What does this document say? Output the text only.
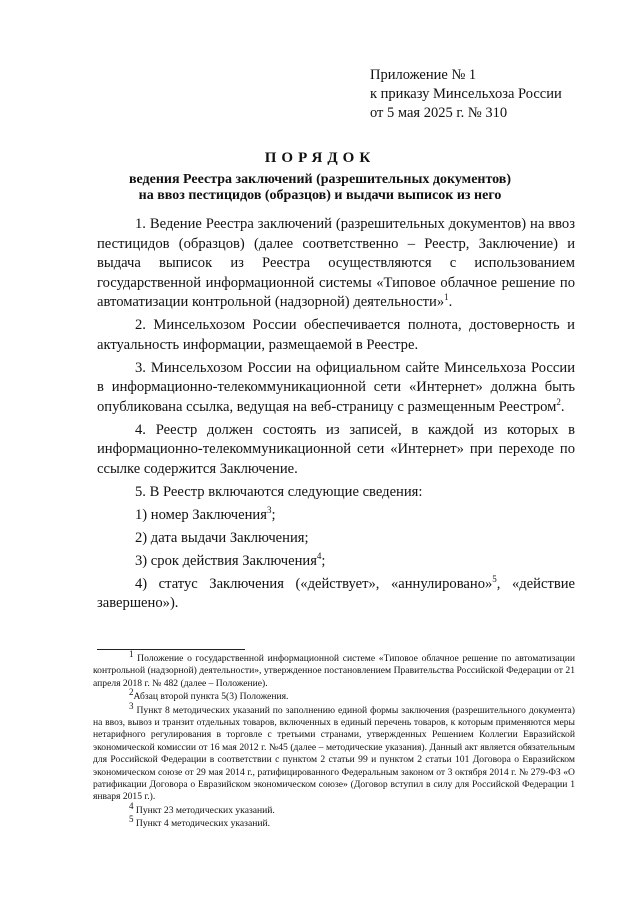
Приложение № 1
к приказу Минсельхоза России
от 5 мая 2025 г. № 310
ПОРЯДОК
ведения Реестра заключений (разрешительных документов)
на ввоз пестицидов (образцов) и выдачи выписок из него

1. Ведение Реестра заключений (разрешительных документов) на ввоз пестицидов (образцов) (далее соответственно – Реестр, Заключение) и выдача выписок из Реестра осуществляются с использованием государственной информационной системы «Типовое облачное решение по автоматизации контрольной (надзорной) деятельности»$^1$.

2. Минсельхозом России обеспечивается полнота, достоверность и актуальность информации, размещаемой в Реестре.

3. Минсельхозом России на официальном сайте Минсельхоза России в информационно-телекоммуникационной сети «Интернет» должна быть опубликована ссылка, ведущая на веб-страницу с размещенным Реестром$^2$.

4. Реестр должен состоять из записей, в каждой из которых в информационно-телекоммуникационной сети «Интернет» при переходе по ссылке содержится Заключение.

5. В Реестр включаются следующие сведения:

1) номер Заключения$^3$;

2) дата выдачи Заключения;

3) срок действия Заключения$^4$;

4) статус Заключения («действует», «аннулировано»$^5$, «действие завершено»).

$^1$ Положение о государственной информационной системе «Типовое облачное решение по автоматизации контрольной (надзорной) деятельности», утвержденное постановлением Правительства Российской Федерации от 21 апреля 2018 г. № 482 (далее – Положение).

$^2$Абзац второй пункта 5(3) Положения.

$^3$ Пункт 8 методических указаний по заполнению единой формы заключения (разрешительного документа) на ввоз, вывоз и транзит отдельных товаров, включенных в единый перечень товаров, к которым применяются меры нетарифного регулирования в торговле с третьими странами, утвержденных Решением Коллегии Евразийской экономической комиссии от 16 мая 2012 г. №45 (далее – методические указания). Данный акт является обязательным для Российской Федерации в соответствии с пунктом 2 статьи 99 и пунктом 2 статьи 101 Договора о Евразийском экономическом союзе от 29 мая 2014 г., ратифицированного Федеральным законом от 3 октября 2014 г. № 279-ФЗ «О ратификации Договора о Евразийском экономическом союзе» (Договор вступил в силу для Российской Федерации 1 января 2015 г.).

$^4$ Пункт 23 методических указаний.

$^5$ Пункт 4 методических указаний.
